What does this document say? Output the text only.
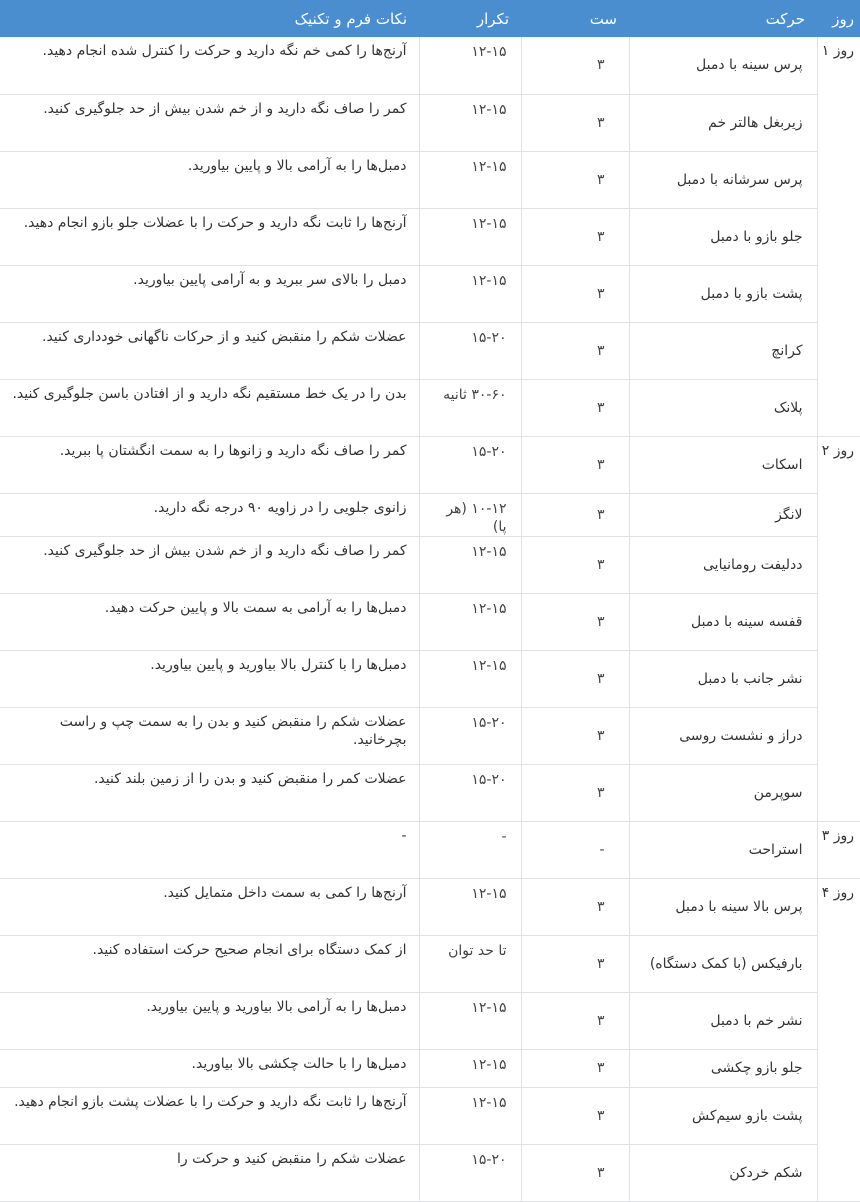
روز	حرکت	ست	تکرار	نکات فرم و تکنیک
روز ۱	پرس سینه با دمبل	۳	۱۲-۱۵	آرنج‌ها را کمی خم نگه دارید و حرکت را کنترل شده انجام دهید.
	زیربغل هالتر خم	۳	۱۲-۱۵	کمر را صاف نگه دارید و از خم شدن بیش از حد جلوگیری کنید.
	پرس سرشانه با دمبل	۳	۱۲-۱۵	دمبل‌ها را به آرامی بالا و پایین بیاورید.
	جلو بازو با دمبل	۳	۱۲-۱۵	آرنج‌ها را ثابت نگه دارید و حرکت را با عضلات جلو بازو انجام دهید.
	پشت بازو با دمبل	۳	۱۲-۱۵	دمبل را بالای سر ببرید و به آرامی پایین بیاورید.
	کرانچ	۳	۱۵-۲۰	عضلات شکم را منقبض کنید و از حرکات ناگهانی خودداری کنید.
	پلانک	۳	۳۰-۶۰ ثانیه	بدن را در یک خط مستقیم نگه دارید و از افتادن باسن جلوگیری کنید.
روز ۲	اسکات	۳	۱۵-۲۰	کمر را صاف نگه دارید و زانوها را به سمت انگشتان پا ببرید.
	لانگز	۳	۱۰-۱۲ (هر پا)	زانوی جلویی را در زاویه ۹۰ درجه نگه دارید.
	ددلیفت رومانیایی	۳	۱۲-۱۵	کمر را صاف نگه دارید و از خم شدن بیش از حد جلوگیری کنید.
	قفسه سینه با دمبل	۳	۱۲-۱۵	دمبل‌ها را به آرامی به سمت بالا و پایین حرکت دهید.
	نشر جانب با دمبل	۳	۱۲-۱۵	دمبل‌ها را با کنترل بالا بیاورید و پایین بیاورید.
	دراز و نشست روسی	۳	۱۵-۲۰	عضلات شکم را منقبض کنید و بدن را به سمت چپ و راست بچرخانید.
	سوپرمن	۳	۱۵-۲۰	عضلات کمر را منقبض کنید و بدن را از زمین بلند کنید.
روز ۳	استراحت	-	-	-
روز ۴	پرس بالا سینه با دمبل	۳	۱۲-۱۵	آرنج‌ها را کمی به سمت داخل متمایل کنید.
	بارفیکس (با کمک دستگاه)	۳	تا حد توان	از کمک دستگاه برای انجام صحیح حرکت استفاده کنید.
	نشر خم با دمبل	۳	۱۲-۱۵	دمبل‌ها را به آرامی بالا بیاورید و پایین بیاورید.
	جلو بازو چکشی	۳	۱۲-۱۵	دمبل‌ها را با حالت چکشی بالا بیاورید.
	پشت بازو سیم‌کش	۳	۱۲-۱۵	آرنج‌ها را ثابت نگه دارید و حرکت را با عضلات پشت بازو انجام دهید.
	شکم خردکن	۳	۱۵-۲۰	عضلات شکم را منقبض کنید و حرکت را
